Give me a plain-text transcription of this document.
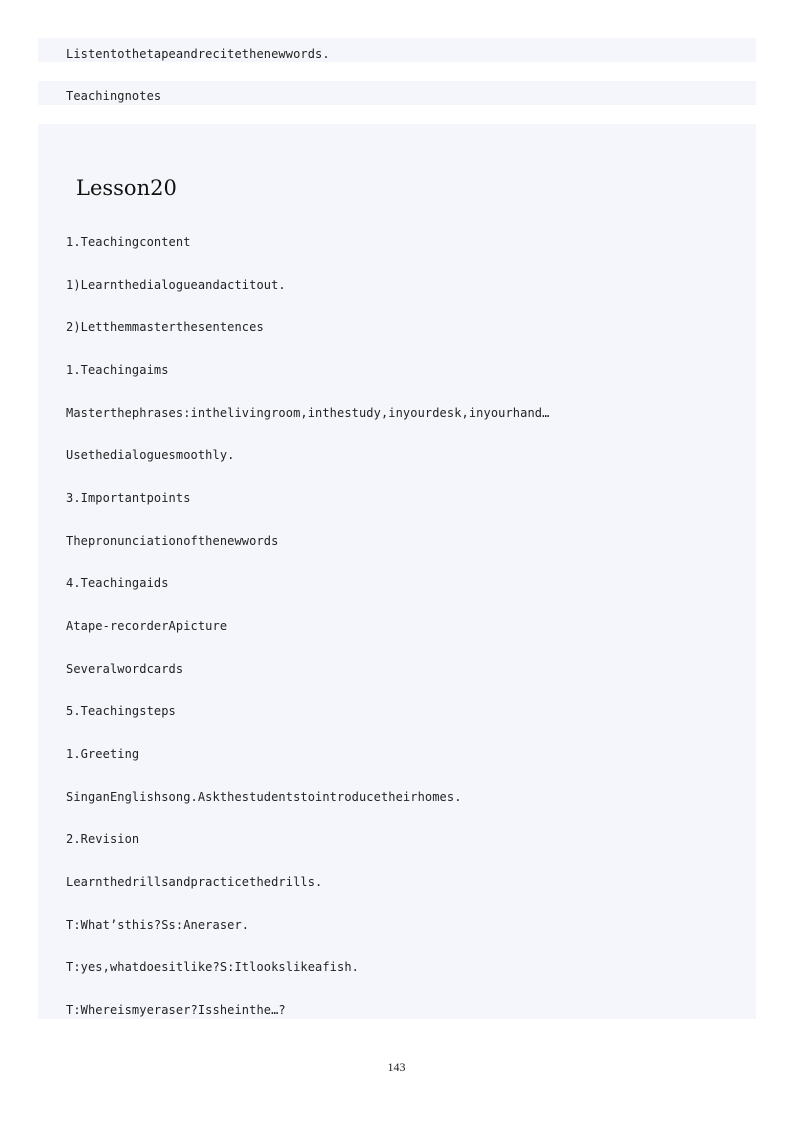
Listentothetapeandrecitethenewwords.
Teachingnotes
Lesson20
1.Teachingcontent
1)Learnthedialogueandactitout.
2)Letthemmasterthesentences
1.Teachingaims
Masterthephrases:inthelivingroom,inthestudy,inyourdesk,inyourhand…
Usethedialoguesmoothly.
3.Importantpoints
Thepronunciationofthenewwords
4.Teachingaids
Atape-recorderApicture
Severalwordcards
5.Teachingsteps
1.Greeting
SinganEnglishsong.Askthestudentstointroducetheirhomes.
2.Revision
Learnthedrillsandpracticethedrills.
T:What’sthis?Ss:Aneraser.
T:yes,whatdoesitlike?S:Itlookslikeafish.
T:Whereismyeraser?Issheinthe…?
143
